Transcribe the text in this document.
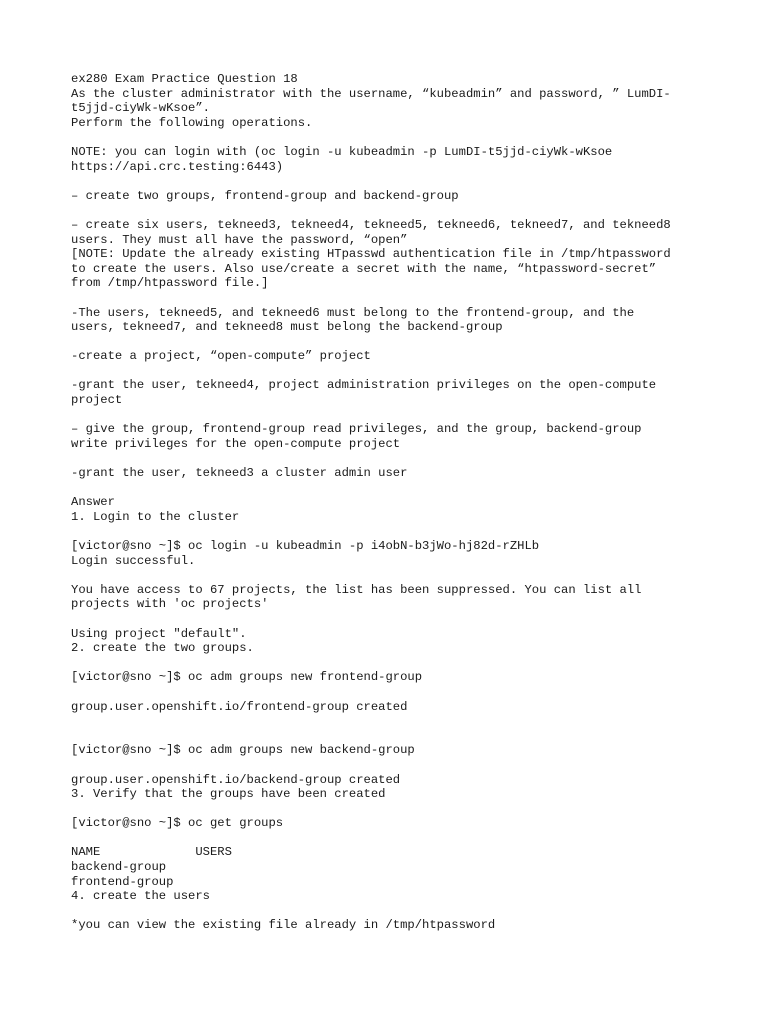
ex280 Exam Practice Question 18
As the cluster administrator with the username, “kubeadmin” and password, ” LumDI-
t5jjd-ciyWk-wKsoe”.
Perform the following operations.
NOTE: you can login with (oc login -u kubeadmin -p LumDI-t5jjd-ciyWk-wKsoe
https://api.crc.testing:6443)
– create two groups, frontend-group and backend-group
– create six users, tekneed3, tekneed4, tekneed5, tekneed6, tekneed7, and tekneed8
users. They must all have the password, “open”
[NOTE: Update the already existing HTpasswd authentication file in /tmp/htpassword
to create the users. Also use/create a secret with the name, “htpassword-secret”
from /tmp/htpassword file.]
-The users, tekneed5, and tekneed6 must belong to the frontend-group, and the
users, tekneed7, and tekneed8 must belong the backend-group
-create a project, “open-compute” project
-grant the user, tekneed4, project administration privileges on the open-compute
project
– give the group, frontend-group read privileges, and the group, backend-group
write privileges for the open-compute project
-grant the user, tekneed3 a cluster admin user
Answer
1. Login to the cluster
[victor@sno ~]$ oc login -u kubeadmin -p i4obN-b3jWo-hj82d-rZHLb
Login successful.
You have access to 67 projects, the list has been suppressed. You can list all
projects with 'oc projects'
Using project "default".
2. create the two groups.
[victor@sno ~]$ oc adm groups new frontend-group
group.user.openshift.io/frontend-group created
[victor@sno ~]$ oc adm groups new backend-group
group.user.openshift.io/backend-group created
3. Verify that the groups have been created
[victor@sno ~]$ oc get groups
NAME             USERS
backend-group
frontend-group
4. create the users
*you can view the existing file already in /tmp/htpassword
